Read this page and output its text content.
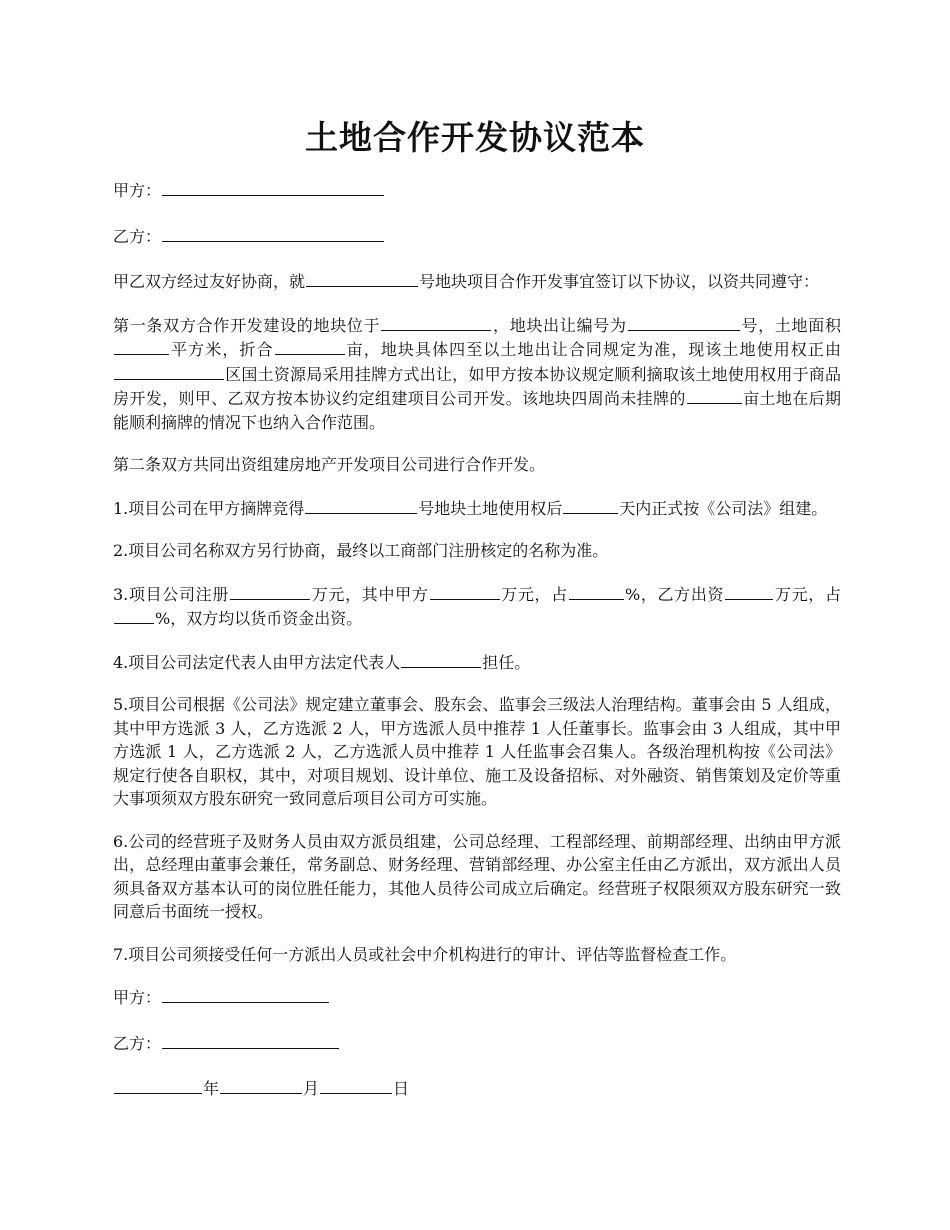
土地合作开发协议范本

甲方：

乙方：

甲乙双方经过友好协商，就	号地块项目合作开发事宜签订以下协议，以资共同遵守：

第一条双方合作开发建设的地块位于	，地块出让编号为	号，土地面积平方米，折合	亩，地块具体四至以土地出让合同规定为准，现该土地使用权正由区国土资源局采用挂牌方式出让，如甲方按本协议规定顺利摘取该土地使用权用于商品房开发，则甲、乙双方按本协议约定组建项目公司开发。该地块四周尚未挂牌的	亩土地在后期能顺利摘牌的情况下也纳入合作范围。

第二条双方共同出资组建房地产开发项目公司进行合作开发。

1.项目公司在甲方摘牌竞得	号地块土地使用权后	天内正式按《公司法》组建。

2.项目公司名称双方另行协商，最终以工商部门注册核定的名称为准。

3.项目公司注册	万元，其中甲方	万元，占	%，乙方出资	万元，占%，双方均以货币资金出资。

4.项目公司法定代表人由甲方法定代表人	担任。

5.项目公司根据《公司法》规定建立董事会、股东会、监事会三级法人治理结构。董事会由 5 人组成，其中甲方选派 3 人，乙方选派 2 人，甲方选派人员中推荐 1 人任董事长。监事会由 3 人组成，其中甲方选派 1 人，乙方选派 2 人，乙方选派人员中推荐 1 人任监事会召集人。各级治理机构按《公司法》规定行使各自职权，其中，对项目规划、设计单位、施工及设备招标、对外融资、销售策划及定价等重大事项须双方股东研究一致同意后项目公司方可实施。

6.公司的经营班子及财务人员由双方派员组建，公司总经理、工程部经理、前期部经理、出纳由甲方派出，总经理由董事会兼任，常务副总、财务经理、营销部经理、办公室主任由乙方派出，双方派出人员须具备双方基本认可的岗位胜任能力，其他人员待公司成立后确定。经营班子权限须双方股东研究一致同意后书面统一授权。

7.项目公司须接受任何一方派出人员或社会中介机构进行的审计、评估等监督检查工作。

甲方：

乙方：

年	月	日
